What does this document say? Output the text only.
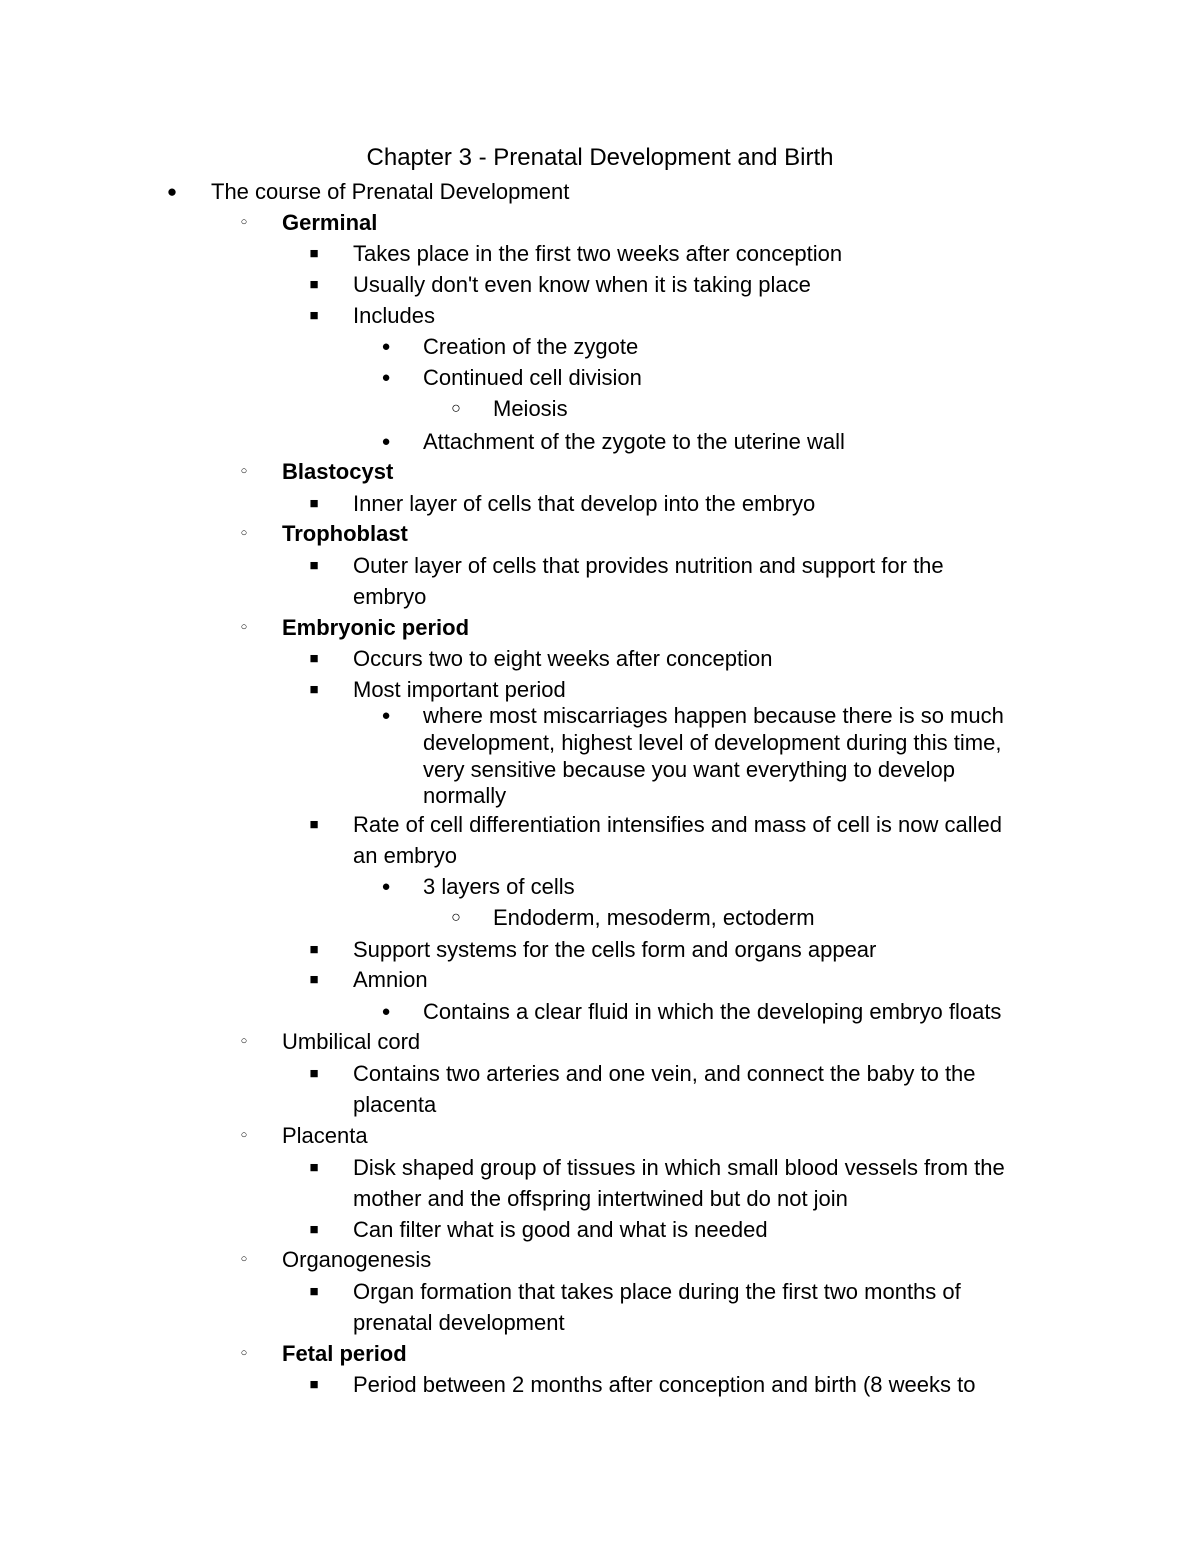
Chapter 3 - Prenatal Development and Birth
● The course of Prenatal Development
○	Germinal
■ Takes place in the first two weeks after conception
■ Usually don't even know when it is taking place
■ Includes
● Creation of the zygote
● Continued cell division
○ Meiosis
● Attachment of the zygote to the uterine wall
○	Blastocyst
■ Inner layer of cells that develop into the embryo
○	Trophoblast
■ Outer layer of cells that provides nutrition and support for the
embryo
○	Embryonic period
■ Occurs two to eight weeks after conception
■ Most important period
● where most miscarriages happen because there is so much
development, highest level of development during this time,
very sensitive because you want everything to develop
normally
■ Rate of cell differentiation intensifies and mass of cell is now called
an embryo
● 3 layers of cells
○ Endoderm, mesoderm, ectoderm
■ Support systems for the cells form and organs appear
■ Amnion
● Contains a clear fluid in which the developing embryo floats
○	Umbilical cord
■ Contains two arteries and one vein, and connect the baby to the
placenta
○	Placenta
■ Disk shaped group of tissues in which small blood vessels from the
mother and the offspring intertwined but do not join
■ Can filter what is good and what is needed
○	Organogenesis
■ Organ formation that takes place during the first two months of
prenatal development
○	Fetal period
■ Period between 2 months after conception and birth (8 weeks to
